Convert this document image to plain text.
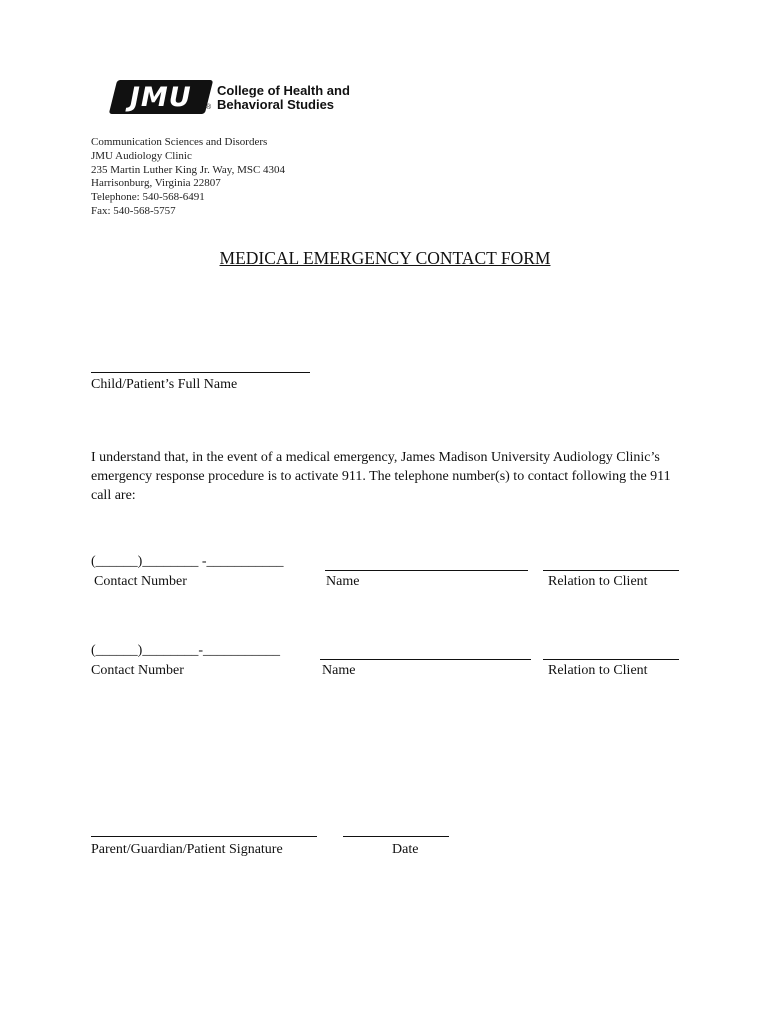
JMU ®
College of Health and
Behavioral Studies
Communication Sciences and Disorders
JMU Audiology Clinic
235 Martin Luther King Jr. Way, MSC 4304
Harrisonburg, Virginia 22807
Telephone: 540-568-6491
Fax: 540-568-5757
MEDICAL EMERGENCY CONTACT FORM
Child/Patient’s Full Name
I understand that, in the event of a medical emergency, James Madison University Audiology Clinic’s emergency response procedure is to activate 911. The telephone number(s) to contact following the 911 call are:
(______)________ -___________
Contact Number	Name	Relation to Client
(______)________-___________
Contact Number	Name	Relation to Client
Parent/Guardian/Patient Signature	Date
